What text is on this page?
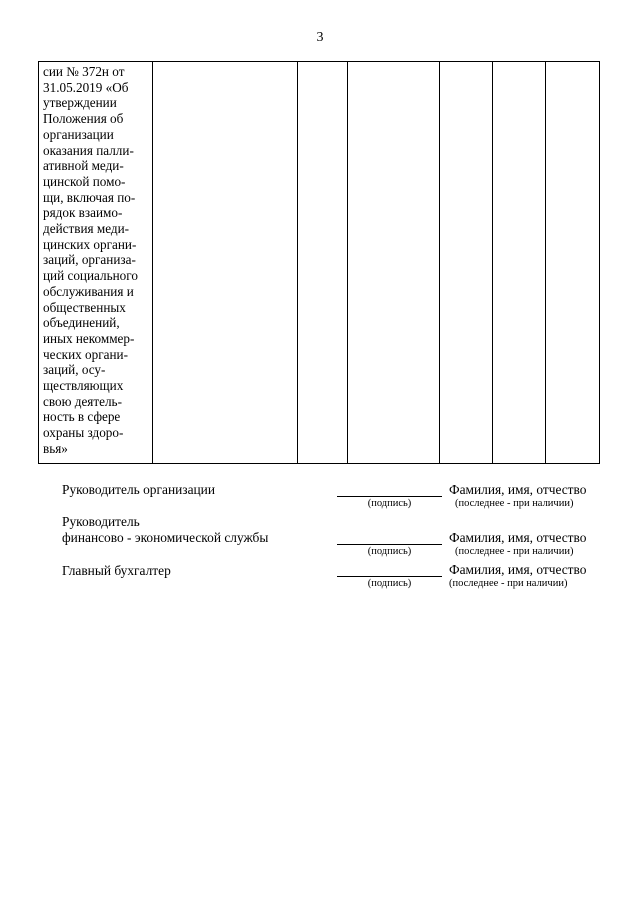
3
сии № 372н от
31.05.2019 «Об
утверждении
Положения об
организации
оказания палли-
ативной меди-
цинской помо-
щи, включая по-
рядок взаимо-
действия меди-
цинских органи-
заций, организа-
ций социального
обслуживания и
общественных
объединений,
иных некоммер-
ческих органи-
заций, осу-
ществляющих
свою деятель-
ность в сфере
охраны здоро-
вья»

Руководитель организации
(подпись)
Фамилия, имя, отчество
(последнее - при наличии)
Руководитель
финансово - экономической службы
(подпись)
Фамилия, имя, отчество
(последнее - при наличии)
Главный бухгалтер
(подпись)
Фамилия, имя, отчество
(последнее - при наличии)
